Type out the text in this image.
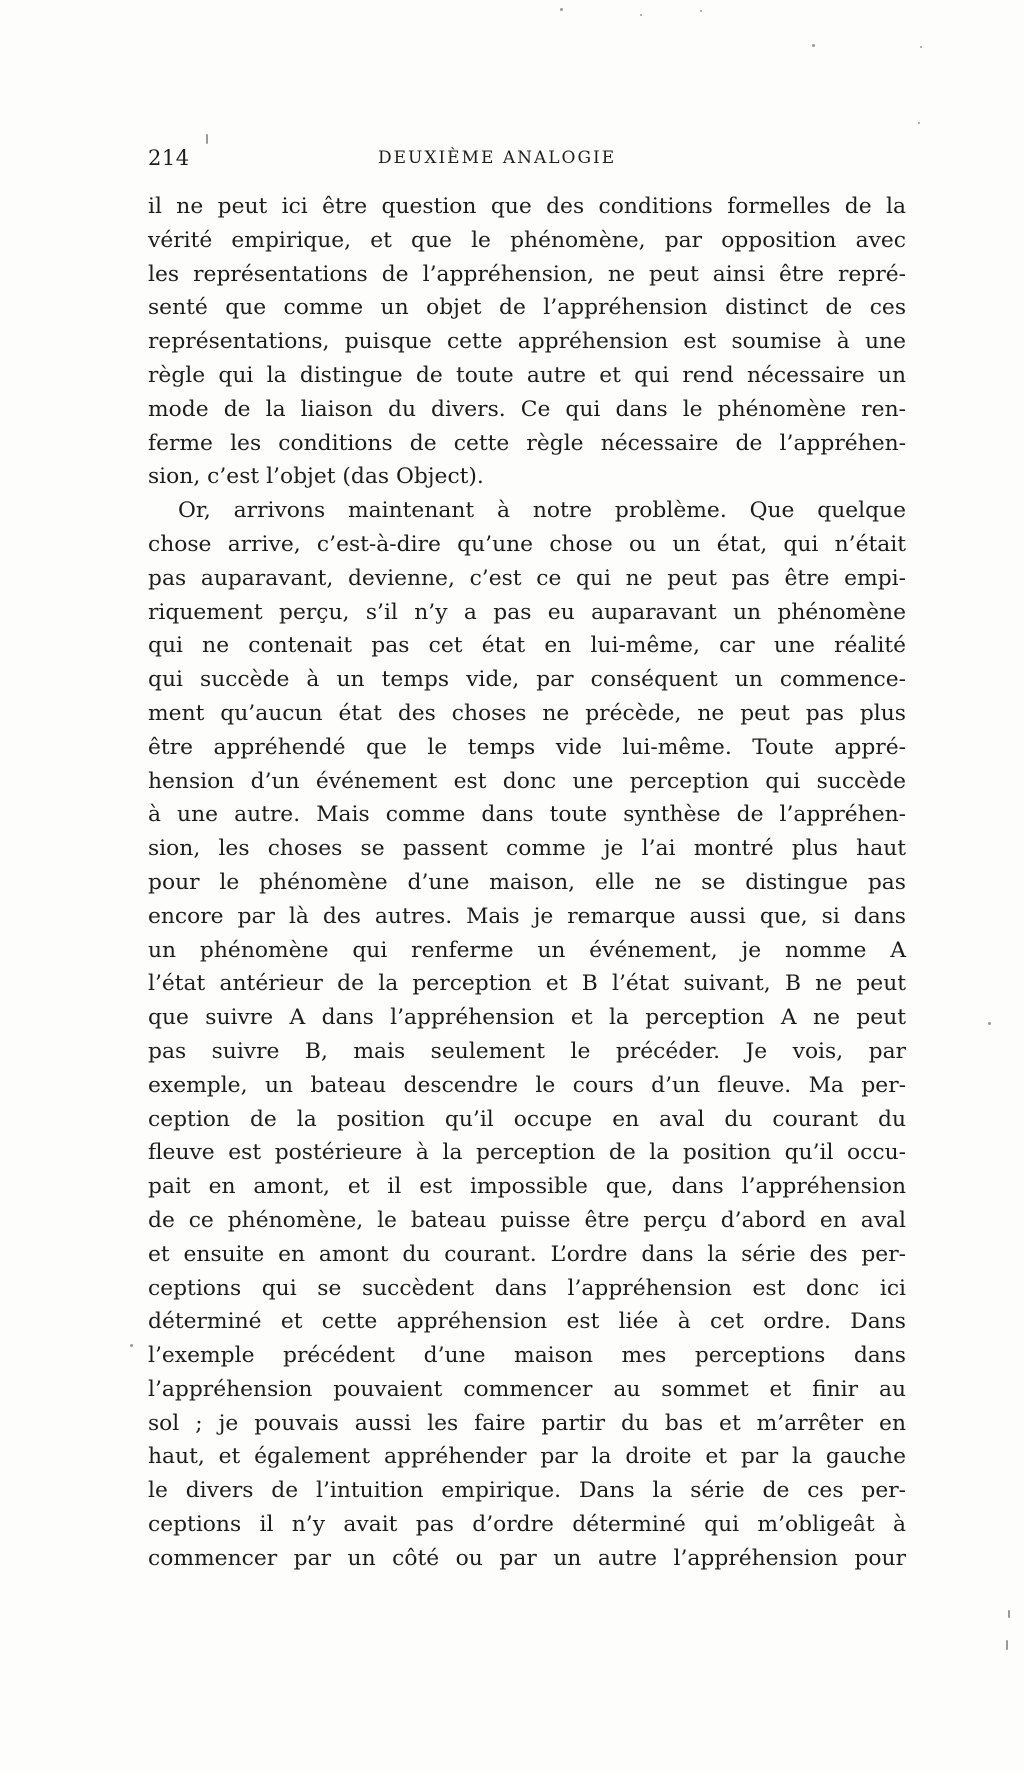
214	DEUXIÈME ANALOGIE
il ne peut ici être question que des conditions formelles de la
vérité empirique, et que le phénomène, par opposition avec
les représentations de l’appréhension, ne peut ainsi être repré-
senté que comme un objet de l’appréhension distinct de ces
représentations, puisque cette appréhension est soumise à une
règle qui la distingue de toute autre et qui rend nécessaire un
mode de la liaison du divers. Ce qui dans le phénomène ren-
ferme les conditions de cette règle nécessaire de l’appréhen-
sion, c’est l’objet (das Object).
Or, arrivons maintenant à notre problème. Que quelque
chose arrive, c’est-à-dire qu’une chose ou un état, qui n’était
pas auparavant, devienne, c’est ce qui ne peut pas être empi-
riquement perçu, s’il n’y a pas eu auparavant un phénomène
qui ne contenait pas cet état en lui-même, car une réalité
qui succède à un temps vide, par conséquent un commence-
ment qu’aucun état des choses ne précède, ne peut pas plus
être appréhendé que le temps vide lui-même. Toute appré-
hension d’un événement est donc une perception qui succède
à une autre. Mais comme dans toute synthèse de l’appréhen-
sion, les choses se passent comme je l’ai montré plus haut
pour le phénomène d’une maison, elle ne se distingue pas
encore par là des autres. Mais je remarque aussi que, si dans
un phénomène qui renferme un événement, je nomme A
l’état antérieur de la perception et B l’état suivant, B ne peut
que suivre A dans l’appréhension et la perception A ne peut
pas suivre B, mais seulement le précéder. Je vois, par
exemple, un bateau descendre le cours d’un fleuve. Ma per-
ception de la position qu’il occupe en aval du courant du
fleuve est postérieure à la perception de la position qu’il occu-
pait en amont, et il est impossible que, dans l’appréhension
de ce phénomène, le bateau puisse être perçu d’abord en aval
et ensuite en amont du courant. L’ordre dans la série des per-
ceptions qui se succèdent dans l’appréhension est donc ici
déterminé et cette appréhension est liée à cet ordre. Dans
l’exemple précédent d’une maison mes perceptions dans
l’appréhension pouvaient commencer au sommet et finir au
sol ; je pouvais aussi les faire partir du bas et m’arrêter en
haut, et également appréhender par la droite et par la gauche
le divers de l’intuition empirique. Dans la série de ces per-
ceptions il n’y avait pas d’ordre déterminé qui m’obligeât à
commencer par un côté ou par un autre l’appréhension pour
